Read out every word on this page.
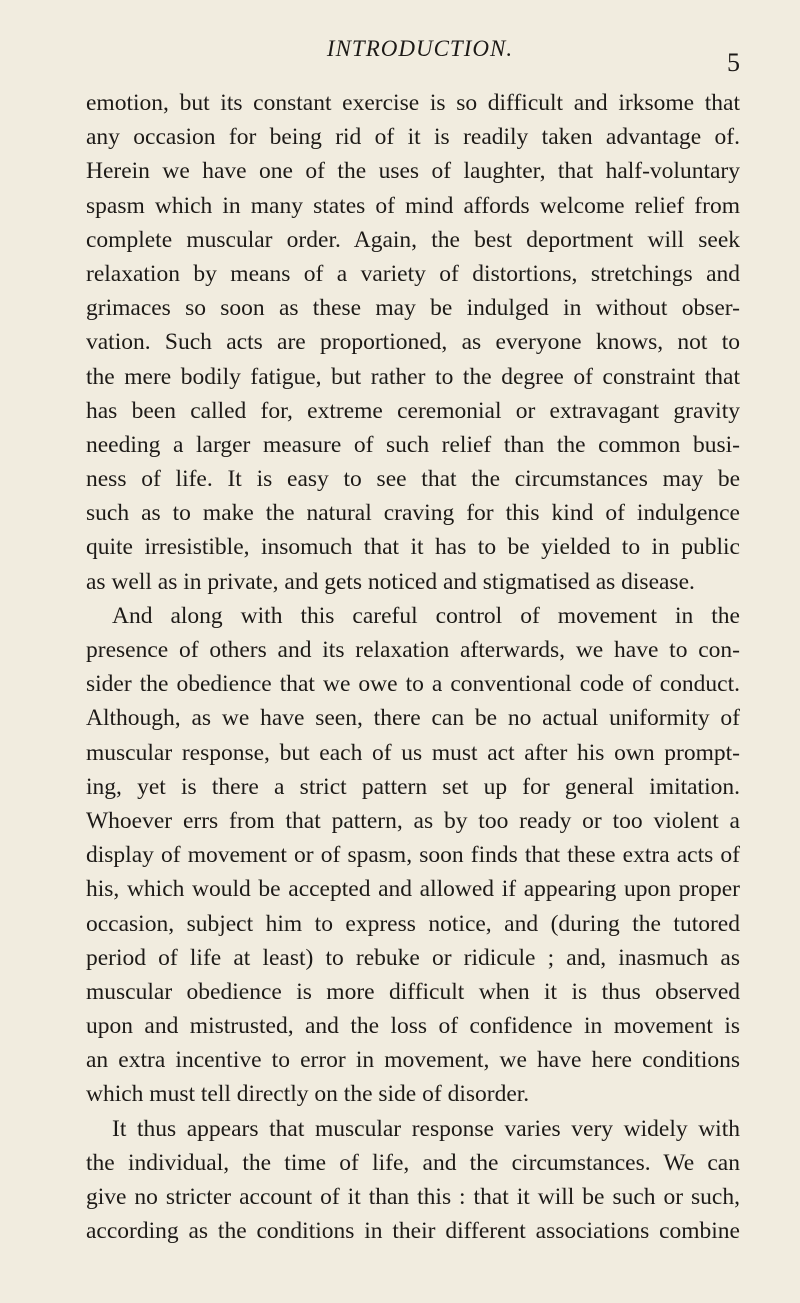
INTRODUCTION.	5
emotion, but its constant exercise is so difficult and irksome that
any occasion for being rid of it is readily taken advantage of.
Herein we have one of the uses of laughter, that half-voluntary
spasm which in many states of mind affords welcome relief from
complete muscular order. Again, the best deportment will seek
relaxation by means of a variety of distortions, stretchings and
grimaces so soon as these may be indulged in without obser-
vation. Such acts are proportioned, as everyone knows, not to
the mere bodily fatigue, but rather to the degree of constraint that
has been called for, extreme ceremonial or extravagant gravity
needing a larger measure of such relief than the common busi-
ness of life. It is easy to see that the circumstances may be
such as to make the natural craving for this kind of indulgence
quite irresistible, insomuch that it has to be yielded to in public
as well as in private, and gets noticed and stigmatised as disease.
And along with this careful control of movement in the
presence of others and its relaxation afterwards, we have to con-
sider the obedience that we owe to a conventional code of conduct.
Although, as we have seen, there can be no actual uniformity of
muscular response, but each of us must act after his own prompt-
ing, yet is there a strict pattern set up for general imitation.
Whoever errs from that pattern, as by too ready or too violent a
display of movement or of spasm, soon finds that these extra acts of
his, which would be accepted and allowed if appearing upon proper
occasion, subject him to express notice, and (during the tutored
period of life at least) to rebuke or ridicule ; and, inasmuch as
muscular obedience is more difficult when it is thus observed
upon and mistrusted, and the loss of confidence in movement is
an extra incentive to error in movement, we have here conditions
which must tell directly on the side of disorder.
It thus appears that muscular response varies very widely with
the individual, the time of life, and the circumstances. We can
give no stricter account of it than this : that it will be such or such,
according as the conditions in their different associations combine
